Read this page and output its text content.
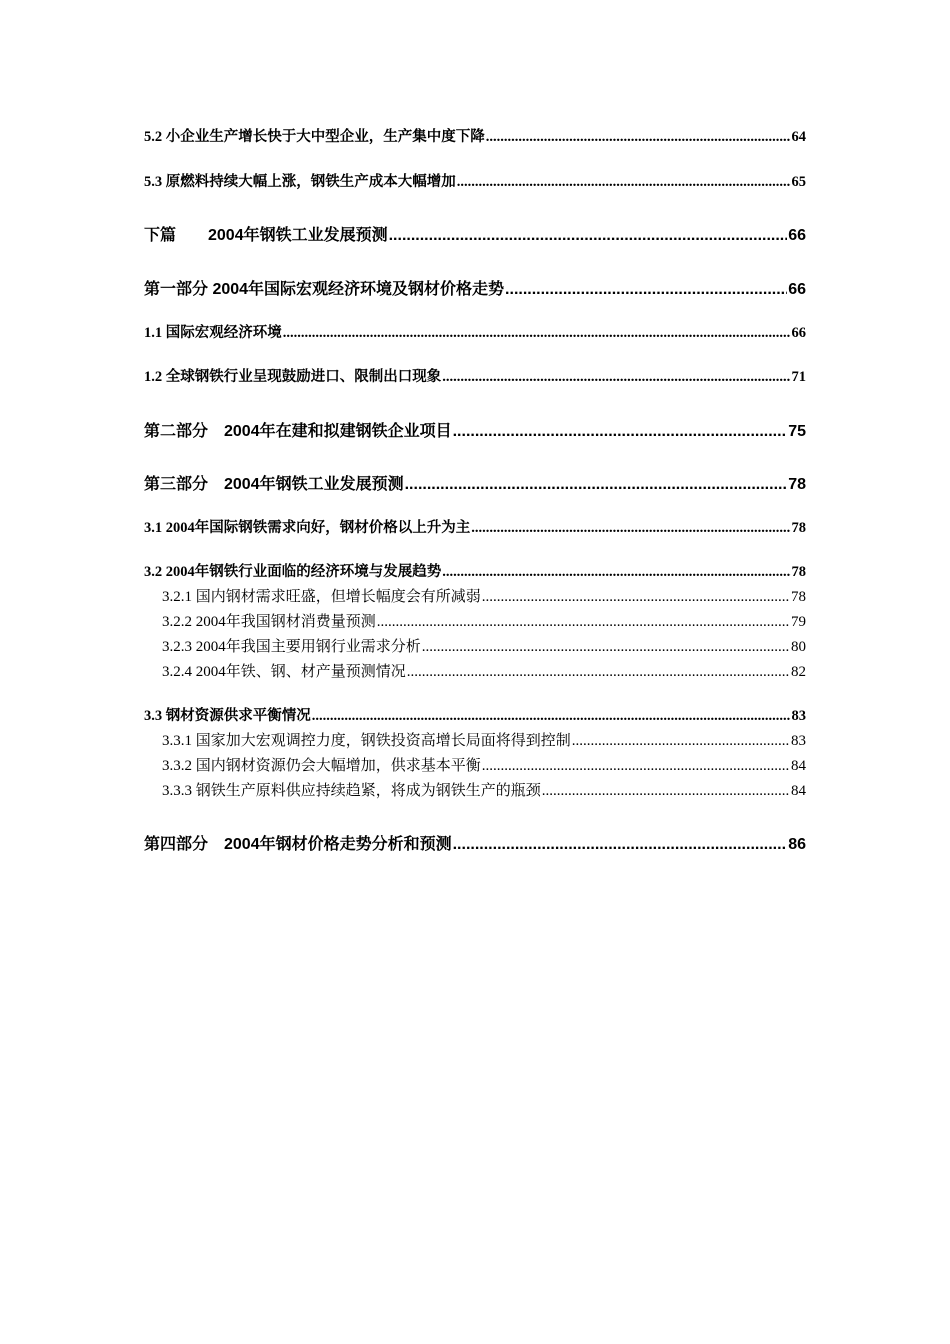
5.2 小企业生产增长快于大中型企业，生产集中度下降 .....	64
5.3 原燃料持续大幅上涨，钢铁生产成本大幅增加 .....	65
下篇　　2004年钢铁工业发展预测 .....	66
第一部分 2004年国际宏观经济环境及钢材价格走势 .....	66
1.1 国际宏观经济环境 .....	66
1.2 全球钢铁行业呈现鼓励进口、限制出口现象 .....	71
第二部分　2004年在建和拟建钢铁企业项目 .....	75
第三部分　2004年钢铁工业发展预测 .....	78
3.1 2004年国际钢铁需求向好，钢材价格以上升为主 .....	78
3.2 2004年钢铁行业面临的经济环境与发展趋势 .....	78
3.2.1 国内钢材需求旺盛，但增长幅度会有所减弱 .....	78
3.2.2 2004年我国钢材消费量预测 .....	79
3.2.3 2004年我国主要用钢行业需求分析 .....	80
3.2.4 2004年铁、钢、材产量预测情况 .....	82
3.3 钢材资源供求平衡情况 .....	83
3.3.1 国家加大宏观调控力度，钢铁投资高增长局面将得到控制 .....	83
3.3.2 国内钢材资源仍会大幅增加，供求基本平衡 .....	84
3.3.3 钢铁生产原料供应持续趋紧，将成为钢铁生产的瓶颈 .....	84
第四部分　2004年钢材价格走势分析和预测 .....	86
